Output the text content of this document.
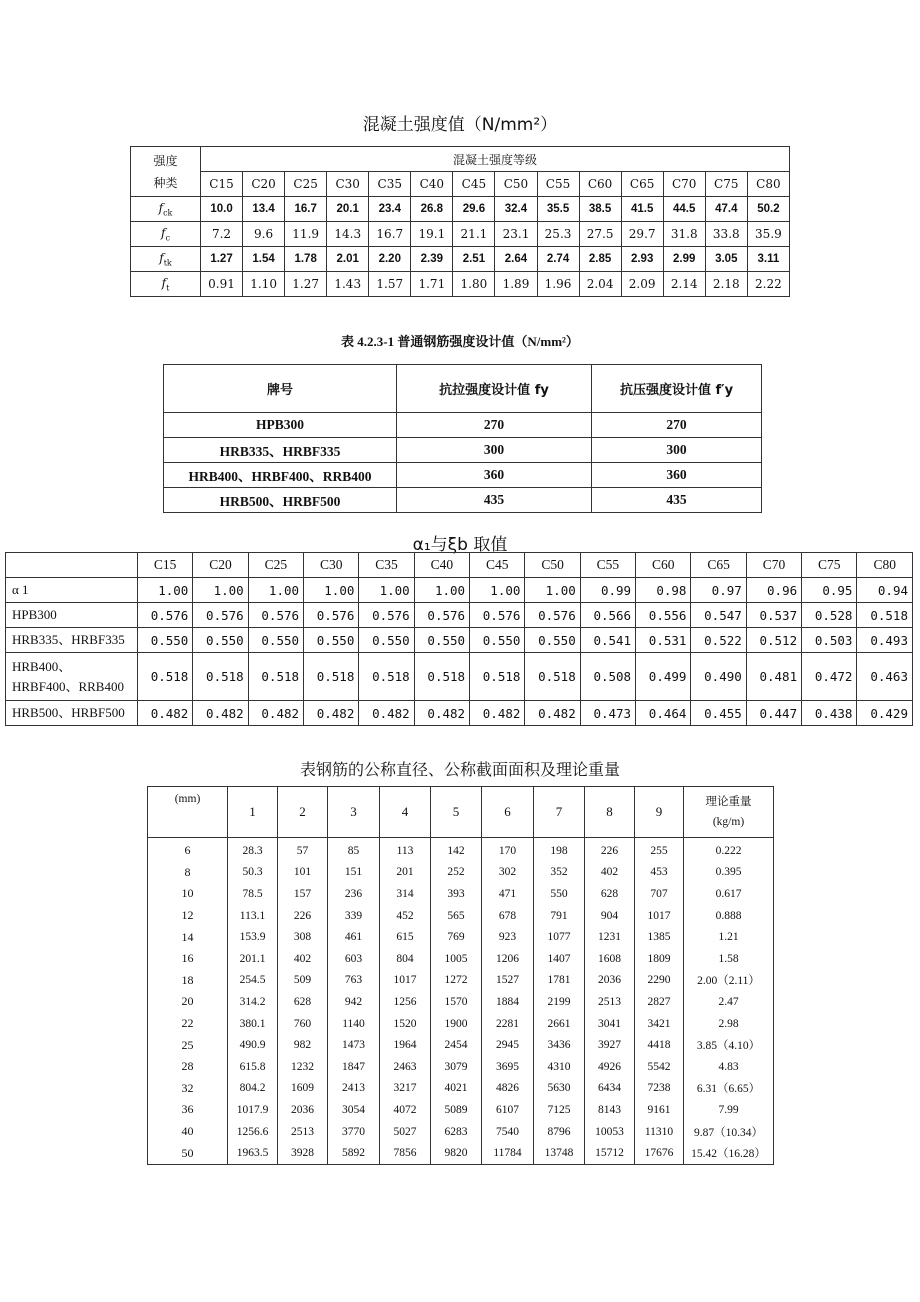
混凝土强度值（N/mm²）
强度
种类	混凝土强度等级													
	C15	C20	C25	C30	C35	C40	C45	C50	C55	C60	C65	C70	C75	C80
$f_{ck}$	10.0	13.4	16.7	20.1	23.4	26.8	29.6	32.4	35.5	38.5	41.5	44.5	47.4	50.2
$f_c$	7.2	9.6	11.9	14.3	16.7	19.1	21.1	23.1	25.3	27.5	29.7	31.8	33.8	35.9
$f_{tk}$	1.27	1.54	1.78	2.01	2.20	2.39	2.51	2.64	2.74	2.85	2.93	2.99	3.05	3.11
$f_t$	0.91	1.10	1.27	1.43	1.57	1.71	1.80	1.89	1.96	2.04	2.09	2.14	2.18	2.22
表 4.2.3-1 普通钢筋强度设计值（N/mm²）
牌号	抗拉强度设计值 fy	抗压强度设计值 f′y
HPB300	270	270
HRB335、HRBF335	300	300
HRB400、HRBF400、RRB400	360	360
HRB500、HRBF500	435	435
α₁与ξb 取值
	C15	C20	C25	C30	C35	C40	C45	C50	C55	C60	C65	C70	C75	C80
α 1	1.00	1.00	1.00	1.00	1.00	1.00	1.00	1.00	0.99	0.98	0.97	0.96	0.95	0.94
HPB300	0.576	0.576	0.576	0.576	0.576	0.576	0.576	0.576	0.566	0.556	0.547	0.537	0.528	0.518
HRB335、HRBF335	0.550	0.550	0.550	0.550	0.550	0.550	0.550	0.550	0.541	0.531	0.522	0.512	0.503	0.493
HRB400、HRBF400、RRB400	0.518	0.518	0.518	0.518	0.518	0.518	0.518	0.518	0.508	0.499	0.490	0.481	0.472	0.463
HRB500、HRBF500	0.482	0.482	0.482	0.482	0.482	0.482	0.482	0.482	0.473	0.464	0.455	0.447	0.438	0.429
表钢筋的公称直径、公称截面面积及理论重量
(mm)	1	2	3	4	5	6	7	8	9	理论重量
(kg/m)

6	28.3	57	85	113	142	170	198	226	255	0.222
8	50.3	101	151	201	252	302	352	402	453	0.395
10	78.5	157	236	314	393	471	550	628	707	0.617
12	113.1	226	339	452	565	678	791	904	1017	0.888
14	153.9	308	461	615	769	923	1077	1231	1385	1.21
16	201.1	402	603	804	1005	1206	1407	1608	1809	1.58
18	254.5	509	763	1017	1272	1527	1781	2036	2290	2.00（2.11）
20	314.2	628	942	1256	1570	1884	2199	2513	2827	2.47
22	380.1	760	1140	1520	1900	2281	2661	3041	3421	2.98
25	490.9	982	1473	1964	2454	2945	3436	3927	4418	3.85（4.10）
28	615.8	1232	1847	2463	3079	3695	4310	4926	5542	4.83
32	804.2	1609	2413	3217	4021	4826	5630	6434	7238	6.31（6.65）
36	1017.9	2036	3054	4072	5089	6107	7125	8143	9161	7.99
40	1256.6	2513	3770	5027	6283	7540	8796	10053	11310	9.87（10.34）
50	1963.5	3928	5892	7856	9820	11784	13748	15712	17676	15.42（16.28）
